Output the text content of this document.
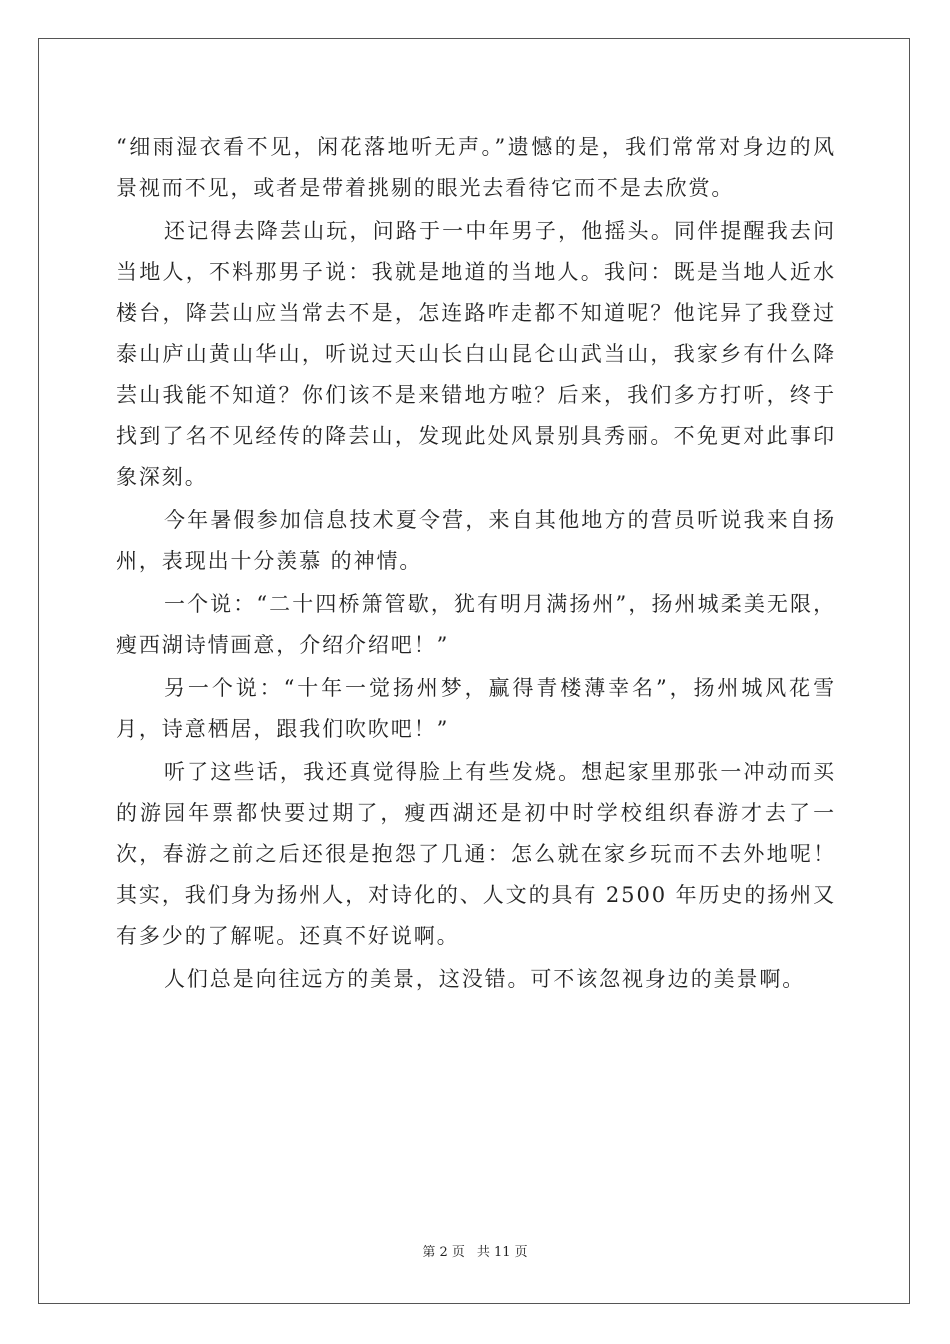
“细雨湿衣看不见，闲花落地听无声。”遗憾的是，我们常常对身边的风景视而不见，或者是带着挑剔的眼光去看待它而不是去欣赏。

还记得去降芸山玩，问路于一中年男子，他摇头。同伴提醒我去问当地人，不料那男子说：我就是地道的当地人。我问：既是当地人近水楼台，降芸山应当常去不是，怎连路咋走都不知道呢？他诧异了我登过泰山庐山黄山华山，听说过天山长白山昆仑山武当山，我家乡有什么降芸山我能不知道？你们该不是来错地方啦？后来，我们多方打听，终于找到了名不见经传的降芸山，发现此处风景别具秀丽。不免更对此事印象深刻。

今年暑假参加信息技术夏令营，来自其他地方的营员听说我来自扬州，表现出十分羡慕 的神情。

一个说：“二十四桥箫管歇，犹有明月满扬州”，扬州城柔美无限，瘦西湖诗情画意，介绍介绍吧！”

另一个说：“十年一觉扬州梦，赢得青楼薄幸名”，扬州城风花雪月，诗意栖居，跟我们吹吹吧！”

听了这些话，我还真觉得脸上有些发烧。想起家里那张一冲动而买的游园年票都快要过期了，瘦西湖还是初中时学校组织春游才去了一次，春游之前之后还很是抱怨了几通：怎么就在家乡玩而不去外地呢！其实，我们身为扬州人，对诗化的、人文的具有 2500 年历史的扬州又有多少的了解呢。还真不好说啊。

人们总是向往远方的美景，这没错。可不该忽视身边的美景啊。

第 2 页 共 11 页
